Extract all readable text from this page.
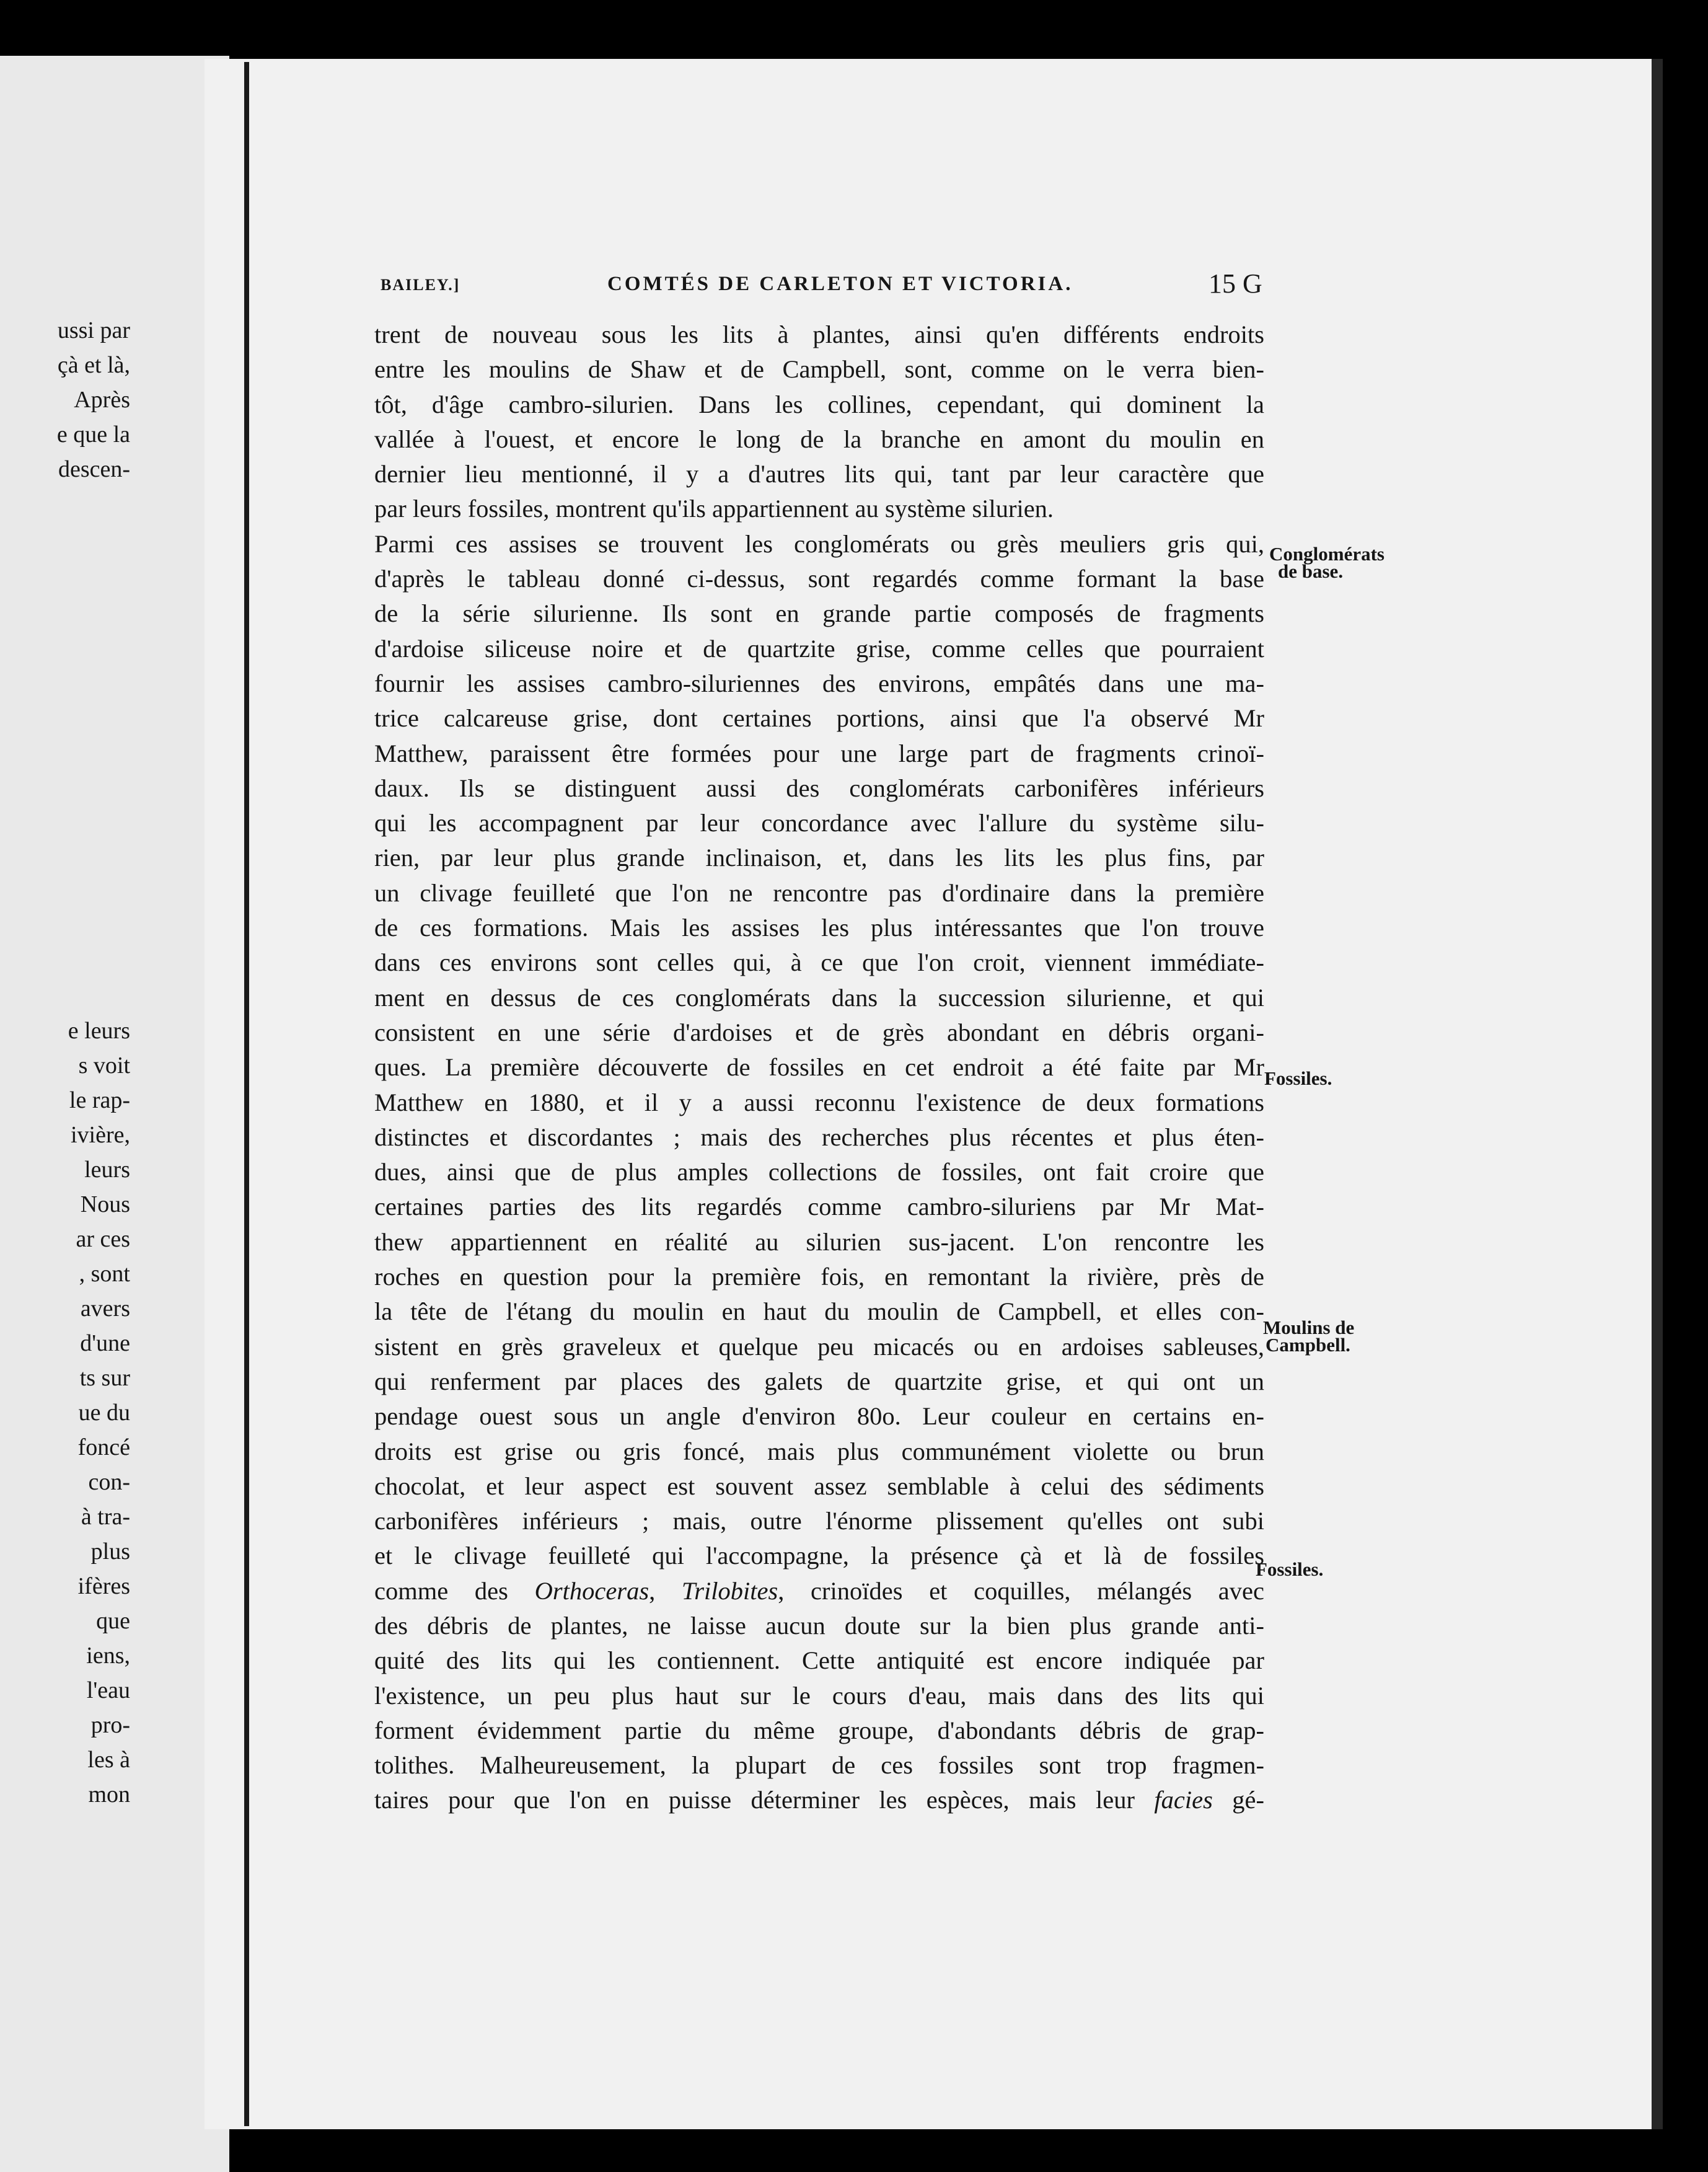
ussi par
çà et là,
Après
e que la
descen-
e leurs
s voit
le rap-
ivière,
leurs
Nous
ar ces
, sont
avers
d'une
ts sur
ue du
foncé
con-
à tra-
plus
ifères
que
iens,
l'eau
pro-
les à
mon
BAILEY.]	COMTÉS DE CARLETON ET VICTORIA.	15 G
trent de nouveau sous les lits à plantes, ainsi qu'en différents endroits
entre les moulins de Shaw et de Campbell, sont, comme on le verra bien-
tôt, d'âge cambro-silurien. Dans les collines, cependant, qui dominent la
vallée à l'ouest, et encore le long de la branche en amont du moulin en
dernier lieu mentionné, il y a d'autres lits qui, tant par leur caractère que
par leurs fossiles, montrent qu'ils appartiennent au système silurien.
Parmi ces assises se trouvent les conglomérats ou grès meuliers gris qui,
d'après le tableau donné ci-dessus, sont regardés comme formant la base
de la série silurienne. Ils sont en grande partie composés de fragments
d'ardoise siliceuse noire et de quartzite grise, comme celles que pourraient
fournir les assises cambro-siluriennes des environs, empâtés dans une ma-
trice calcareuse grise, dont certaines portions, ainsi que l'a observé Mr
Matthew, paraissent être formées pour une large part de fragments crinoï-
daux. Ils se distinguent aussi des conglomérats carbonifères inférieurs
qui les accompagnent par leur concordance avec l'allure du système silu-
rien, par leur plus grande inclinaison, et, dans les lits les plus fins, par
un clivage feuilleté que l'on ne rencontre pas d'ordinaire dans la première
de ces formations. Mais les assises les plus intéressantes que l'on trouve
dans ces environs sont celles qui, à ce que l'on croit, viennent immédiate-
ment en dessus de ces conglomérats dans la succession silurienne, et qui
consistent en une série d'ardoises et de grès abondant en débris organi-
ques. La première découverte de fossiles en cet endroit a été faite par Mr
Matthew en 1880, et il y a aussi reconnu l'existence de deux formations
distinctes et discordantes ; mais des recherches plus récentes et plus éten-
dues, ainsi que de plus amples collections de fossiles, ont fait croire que
certaines parties des lits regardés comme cambro-siluriens par Mr Mat-
thew appartiennent en réalité au silurien sus-jacent. L'on rencontre les
roches en question pour la première fois, en remontant la rivière, près de
la tête de l'étang du moulin en haut du moulin de Campbell, et elles con-
sistent en grès graveleux et quelque peu micacés ou en ardoises sableuses,
qui renferment par places des galets de quartzite grise, et qui ont un
pendage ouest sous un angle d'environ 80o. Leur couleur en certains en-
droits est grise ou gris foncé, mais plus communément violette ou brun
chocolat, et leur aspect est souvent assez semblable à celui des sédiments
carbonifères inférieurs ; mais, outre l'énorme plissement qu'elles ont subi
et le clivage feuilleté qui l'accompagne, la présence çà et là de fossiles
comme des Orthoceras, Trilobites, crinoïdes et coquilles, mélangés avec
des débris de plantes, ne laisse aucun doute sur la bien plus grande anti-
quité des lits qui les contiennent. Cette antiquité est encore indiquée par
l'existence, un peu plus haut sur le cours d'eau, mais dans des lits qui
forment évidemment partie du même groupe, d'abondants débris de grap-
tolithes. Malheureusement, la plupart de ces fossiles sont trop fragmen-
taires pour que l'on en puisse déterminer les espèces, mais leur facies gé-
Conglomérats
de base.
Fossiles.
Moulins de
Campbell.
Fossiles.
